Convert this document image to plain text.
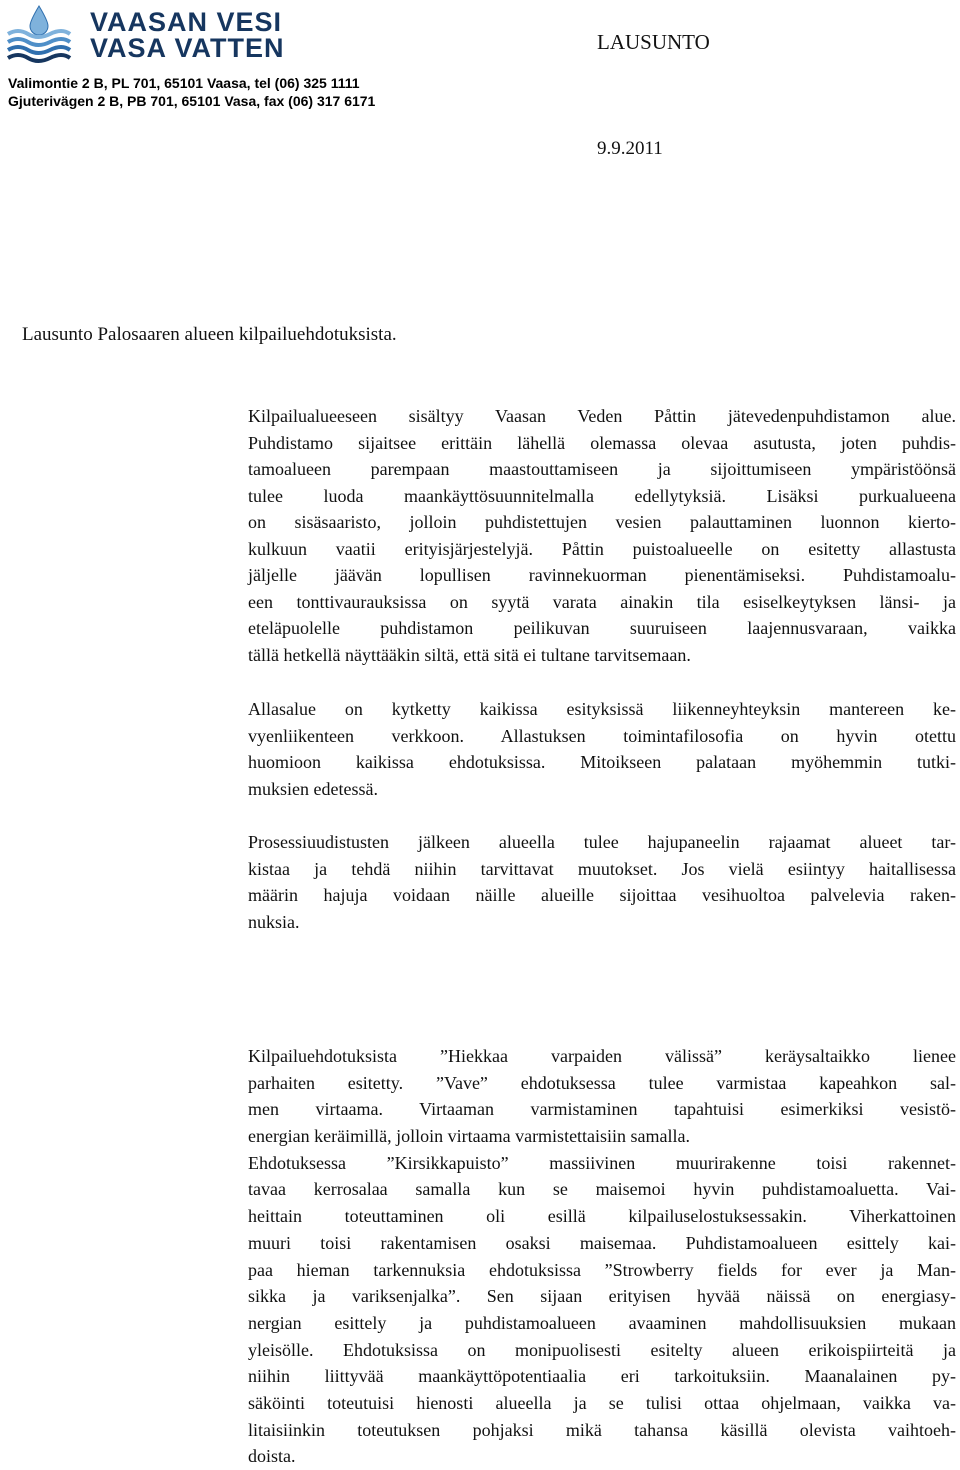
VAASAN VESI
VASA VATTEN
Valimontie 2 B, PL 701, 65101 Vaasa, tel (06) 325 1111
Gjuterivägen 2 B, PB 701, 65101 Vasa, fax (06) 317 6171
LAUSUNTO
9.9.2011
Lausunto Palosaaren alueen kilpailuehdotuksista.
Kilpailualueeseen sisältyy Vaasan Veden Påttin jätevedenpuhdistamon alue.
Puhdistamo sijaitsee erittäin lähellä olemassa olevaa asutusta, joten puhdis-
tamoalueen parempaan maastouttamiseen ja sijoittumiseen ympäristöönsä
tulee luoda maankäyttösuunnitelmalla edellytyksiä. Lisäksi purkualueena
on sisäsaaristo, jolloin puhdistettujen vesien palauttaminen luonnon kierto-
kulkuun vaatii erityisjärjestelyjä. Påttin puistoalueelle on esitetty allastusta
jäljelle jäävän lopullisen ravinnekuorman pienentämiseksi. Puhdistamoalu-
een tonttivaurauksissa on syytä varata ainakin tila esiselkeytyksen länsi- ja
eteläpuolelle puhdistamon peilikuvan suuruiseen laajennusvaraan, vaikka
tällä hetkellä näyttääkin siltä, että sitä ei tultane tarvitsemaan.
Allasalue on kytketty kaikissa esityksissä liikenneyhteyksin mantereen ke-
vyenliikenteen verkkoon. Allastuksen toimintafilosofia on hyvin otettu
huomioon kaikissa ehdotuksissa. Mitoikseen palataan myöhemmin tutki-
muksien edetessä.
Prosessiuudistusten jälkeen alueella tulee hajupaneelin rajaamat alueet tar-
kistaa ja tehdä niihin tarvittavat muutokset. Jos vielä esiintyy haitallisessa
määrin hajuja voidaan näille alueille sijoittaa vesihuoltoa palvelevia raken-
nuksia.
Kilpailuehdotuksista ”Hiekkaa varpaiden välissä” keräysaltaikko lienee
parhaiten esitetty. ”Vave” ehdotuksessa tulee varmistaa kapeahkon sal-
men virtaama. Virtaaman varmistaminen tapahtuisi esimerkiksi vesistö-
energian keräimillä, jolloin virtaama varmistettaisiin samalla.
Ehdotuksessa ”Kirsikkapuisto” massiivinen muurirakenne toisi rakennet-
tavaa kerrosalaa samalla kun se maisemoi hyvin puhdistamoaluetta. Vai-
heittain toteuttaminen oli esillä kilpailuselostuksessakin. Viherkattoinen
muuri toisi rakentamisen osaksi maisemaa. Puhdistamoalueen esittely kai-
paa hieman tarkennuksia ehdotuksissa ”Strowberry fields for ever ja Man-
sikka ja variksenjalka”. Sen sijaan erityisen hyvää näissä on energiasy-
nergian esittely ja puhdistamoalueen avaaminen mahdollisuuksien mukaan
yleisölle. Ehdotuksissa on monipuolisesti esitelty alueen erikoispiirteitä ja
niihin liittyvää maankäyttöpotentiaalia eri tarkoituksiin. Maanalainen py-
säköinti toteutuisi hienosti alueella ja se tulisi ottaa ohjelmaan, vaikka va-
litaisiinkin toteutuksen pohjaksi mikä tahansa käsillä olevista vaihtoeh-
doista.
